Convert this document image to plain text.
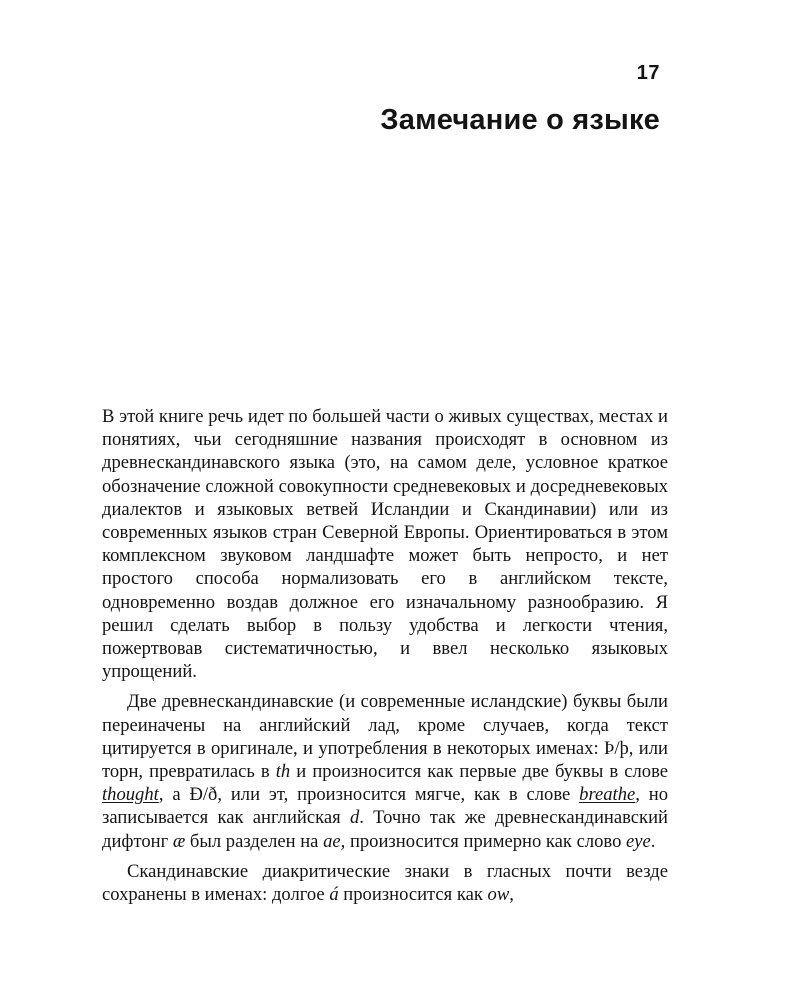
17
Замечание о языке

В этой книге речь идет по большей части о живых существах, местах и понятиях, чьи сегодняшние названия происходят в основном из древнескандинавского языка (это, на самом деле, условное краткое обозначение сложной совокупности средневековых и досредневековых диалектов и языковых ветвей Исландии и Скандинавии) или из современных языков стран Северной Европы. Ориентироваться в этом комплексном звуковом ландшафте может быть непросто, и нет простого способа нормализовать его в английском тексте, одновременно воздав должное его изначальному разнообразию. Я решил сделать выбор в пользу удобства и легкости чтения, пожертвовав систематичностью, и ввел несколько языковых упрощений.

Две древнескандинавские (и современные исландские) буквы были переиначены на английский лад, кроме случаев, когда текст цитируется в оригинале, и употребления в некоторых именах: Þ/þ, или торн, превратилась в th и произносится как первые две буквы в слове thought, а Ð/ð, или эт, произносится мягче, как в слове breathe, но записывается как английская d. Точно так же древнескандинавский дифтонг æ был разделен на ae, произносится примерно как слово eye.

Скандинавские диакритические знаки в гласных почти везде сохранены в именах: долгое á произносится как ow,
